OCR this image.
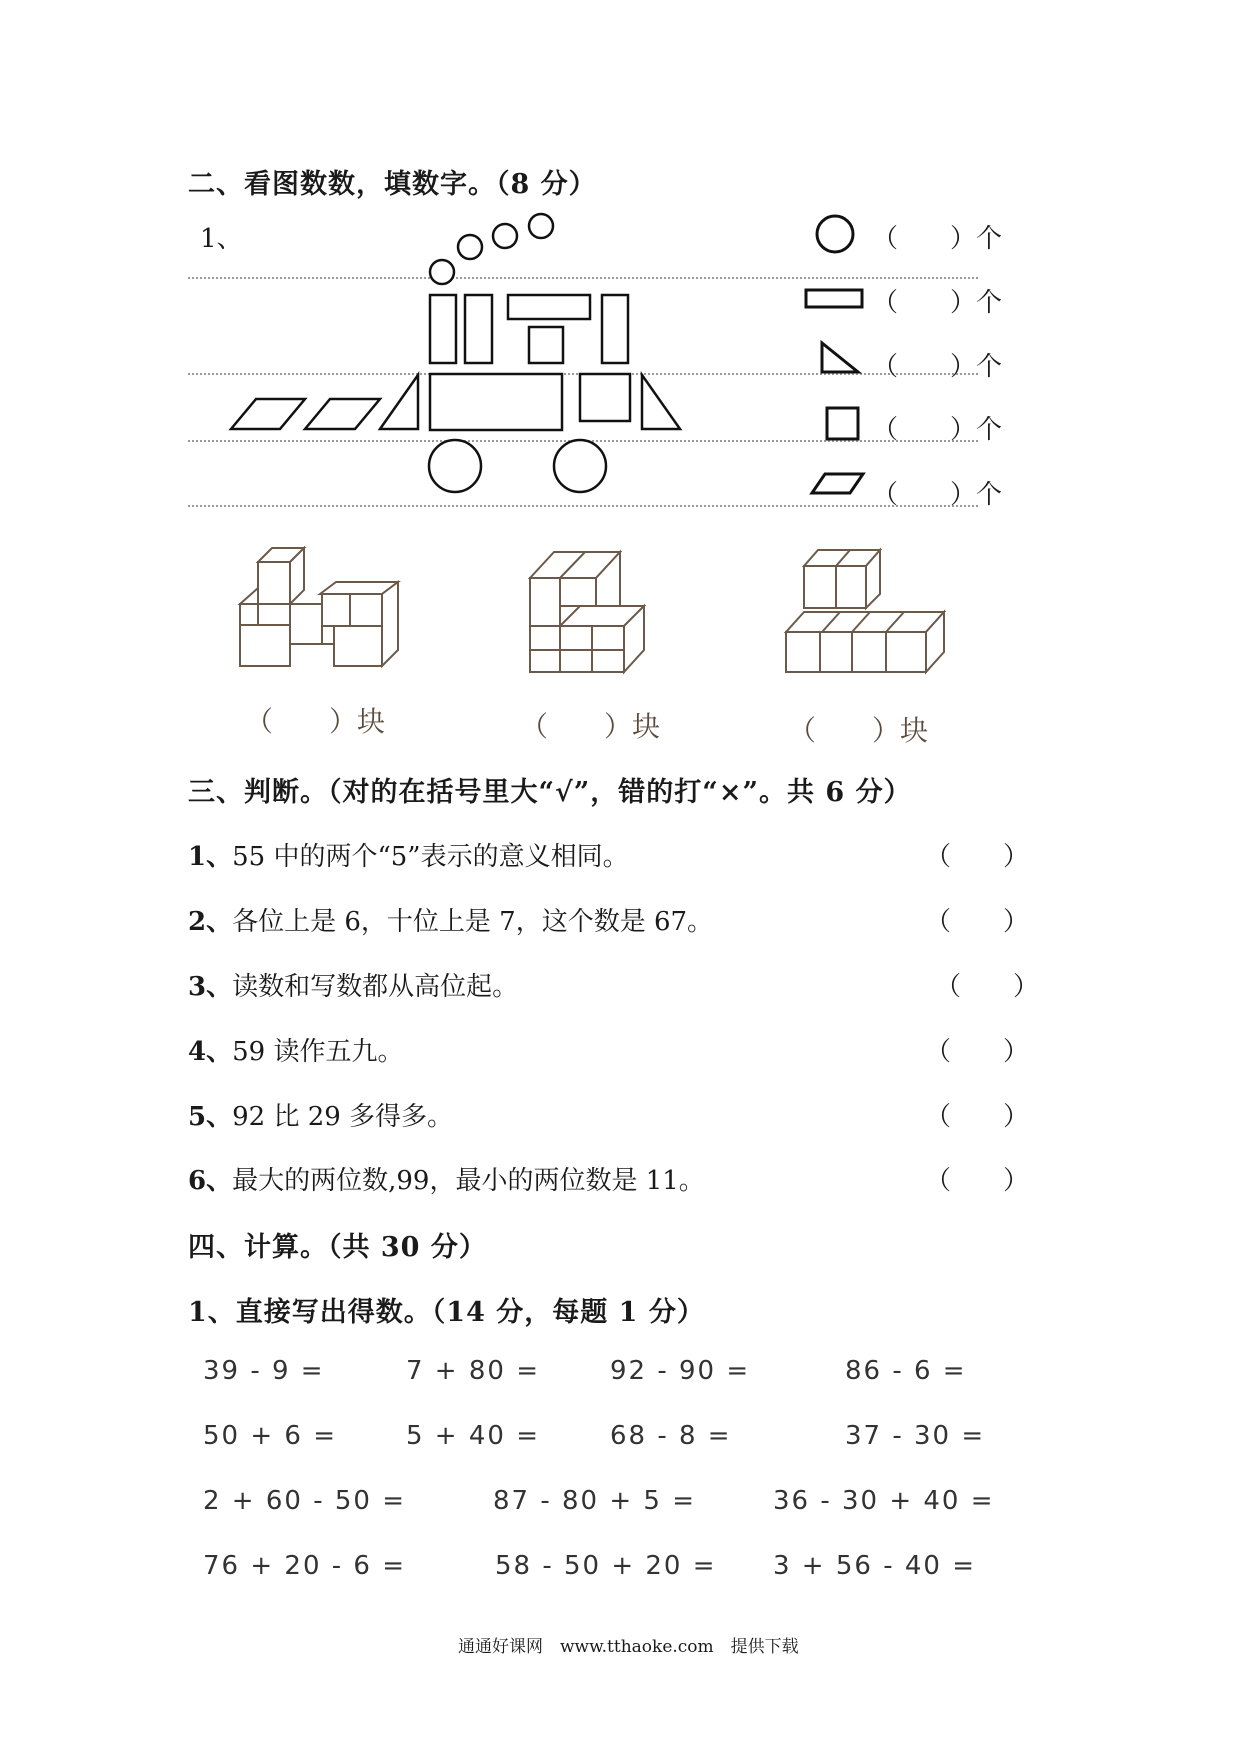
二、看图数数，填数字。（8 分）
1、	（　　）个
（　　）个
（　　）个
（　　）个
（　　）个
（　　）块	（　　）块	（　　）块
三、判断。（对的在括号里大“√”，错的打“×”。共 6 分）
1、55 中的两个“5”表示的意义相同。	（　　）
2、各位上是 6，十位上是 7，这个数是 67。	（　　）
3、读数和写数都从高位起。	（　　）
4、59 读作五九。	（　　）
5、92 比 29 多得多。	（　　）
6、最大的两位数,99，最小的两位数是 11。	（　　）
四、计算。（共 30 分）
1、直接写出得数。（14 分，每题 1 分）
39 - 9 =	7 + 80 =	92 - 90 =	86 - 6 =
50 + 6 =	5 + 40 =	68 - 8 =	37 - 30 =
2 + 60 - 50 =	87 - 80 + 5 =	36 - 30 + 40 =
76 + 20 - 6 =	58 - 50 + 20 = 3 + 56 - 40 =
通通好课网　www.tthaoke.com　提供下载
